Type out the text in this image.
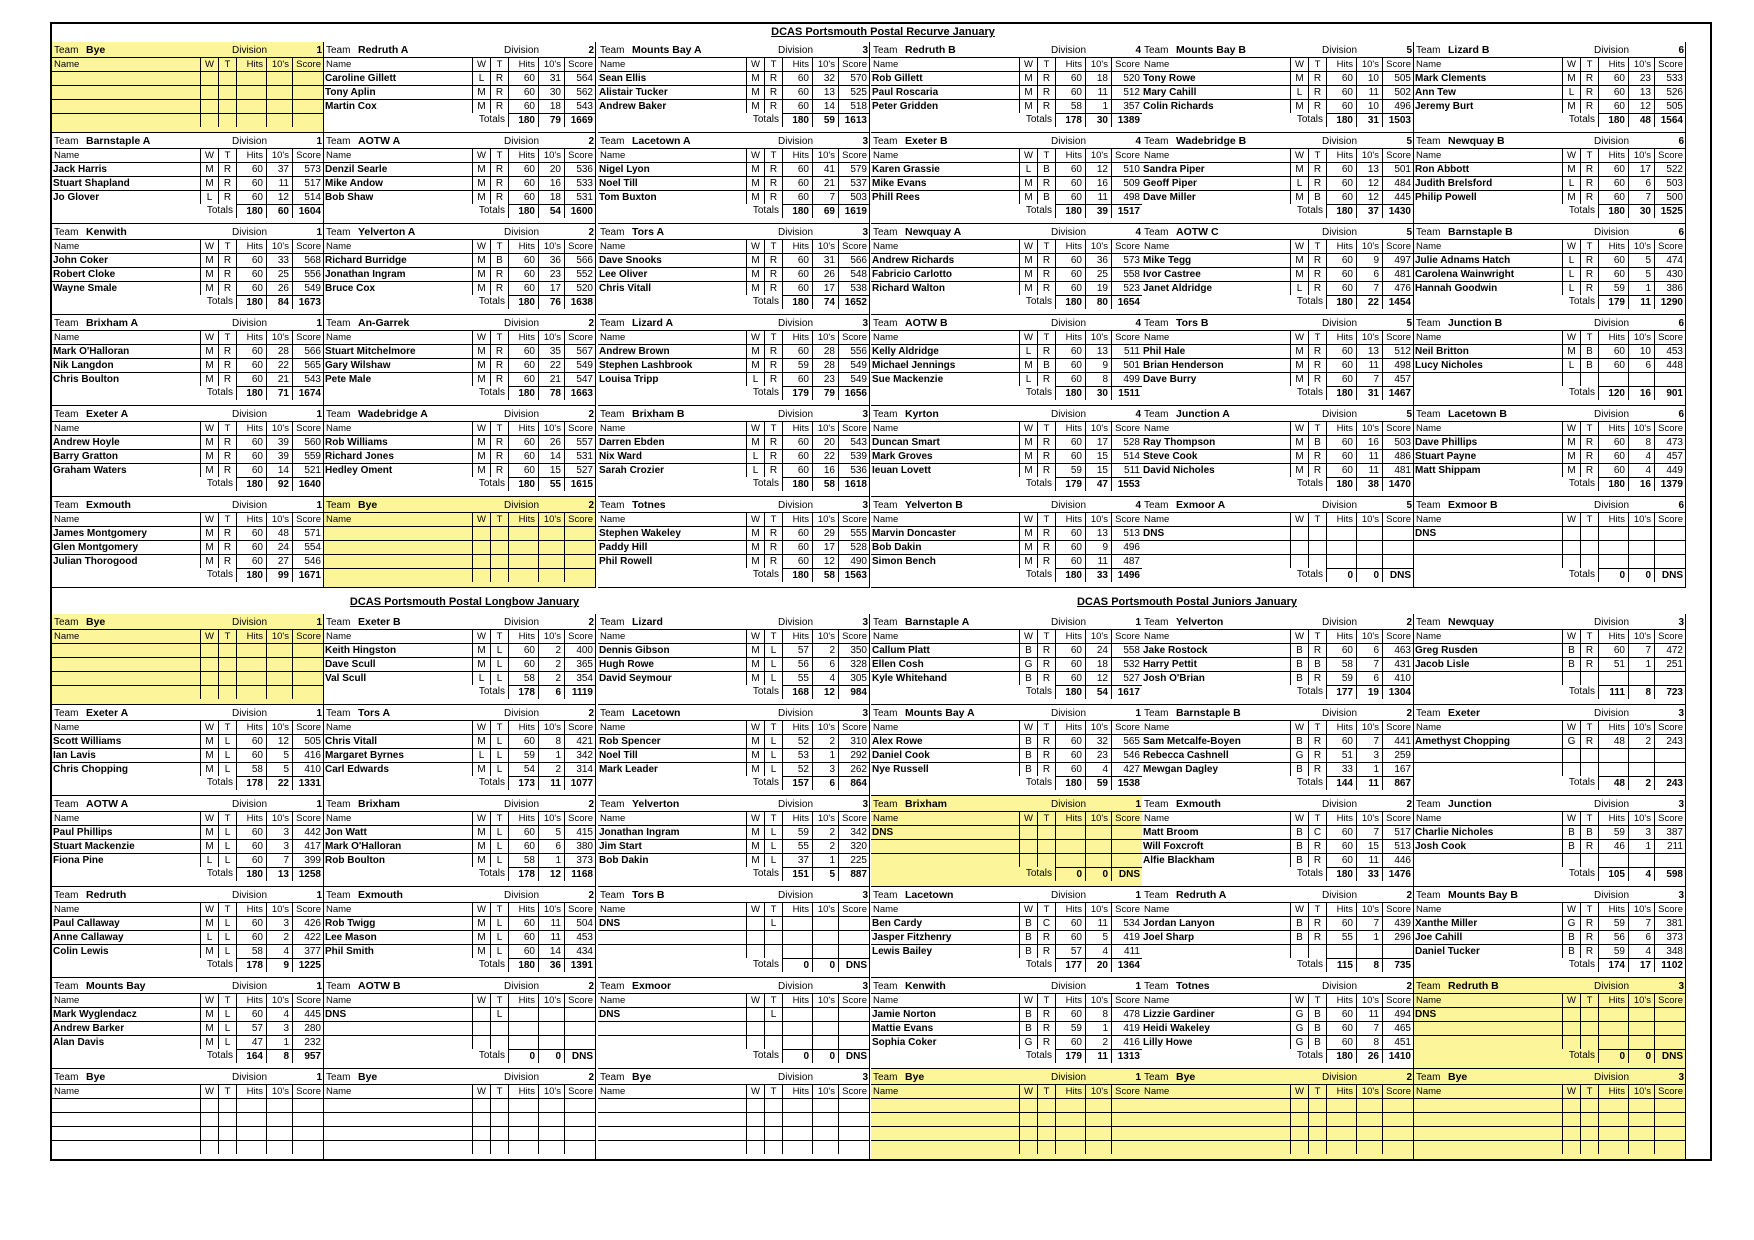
DCAS Portsmouth Postal Recurve January
DCAS Portsmouth Postal Longbow January	DCAS Portsmouth Postal Juniors January
Team Bye	Division	1
Name	W	T	Hits 10's Score
Team Redruth A	Division	2
Name	W	T	Hits 10's Score
Caroline Gillett	L	R	60	31	564
Tony Aplin	M	R	60	30	562
Martin Cox	M	R	60	18	543
Totals	180	79 1669
Team Mounts Bay A	Division	3
Name	W	T	Hits 10's Score
Sean Ellis	M	R	60	32	570
Alistair Tucker	M	R	60	13	525
Andrew Baker	M	R	60	14	518
Totals	180	59 1613
Team Redruth B	Division	4
Name	W	T	Hits 10's Score
Rob Gillett	M	R	60	18	520
Paul Roscaria	M	R	60	11	512
Peter Gridden	M	R	58	1	357
Totals	178	30 1389
Team Mounts Bay B	Division	5
Name	W	T	Hits 10's Score
Tony Rowe	M	R	60	10	505
Mary Cahill	L	R	60	11	502
Colin Richards	M	R	60	10	496
Totals	180	31 1503
Team Lizard B	Division	6
Name	W	T	Hits 10's Score
Mark Clements	M	R	60	23	533
Ann Tew	L	R	60	13	526
Jeremy Burt	M	R	60	12	505
Totals	180	48 1564
Team Barnstaple A	Division	1
Name	W	T	Hits 10's Score
Jack Harris	M	R	60	37	573
Stuart Shapland	M	R	60	11	517
Jo Glover	L	R	60	12	514
Totals	180	60 1604
Team AOTW A	Division	2
Name	W	T	Hits 10's Score
Denzil Searle	M	R	60	20	536
Mike Andow	M	R	60	16	533
Bob Shaw	M	R	60	18	531
Totals	180	54 1600
Team Lacetown A	Division	3
Name	W	T	Hits 10's Score
Nigel Lyon	M	R	60	41	579
Noel Till	M	R	60	21	537
Tom Buxton	M	R	60	7	503
Totals	180	69 1619
Team Exeter B	Division	4
Name	W	T	Hits 10's Score
Karen Grassie	L	B	60	12	510
Mike Evans	M	R	60	16	509
Phill Rees	M	B	60	11	498
Totals	180	39 1517
Team Wadebridge B	Division	5
Name	W	T	Hits 10's Score
Sandra Piper	M	R	60	13	501
Geoff Piper	L	R	60	12	484
Dave Miller	M	B	60	12	445
Totals	180	37 1430
Team Newquay B	Division	6
Name	W	T	Hits 10's Score
Ron Abbott	M	R	60	17	522
Judith Brelsford	L	R	60	6	503
Philip Powell	M	R	60	7	500
Totals	180	30 1525
Team Kenwith	Division	1
Name	W	T	Hits 10's Score
John Coker	M	R	60	33	568
Robert Cloke	M	R	60	25	556
Wayne Smale	M	R	60	26	549
Totals	180	84 1673
Team Yelverton A	Division	2
Name	W	T	Hits 10's Score
Richard Burridge	M	B	60	36	566
Jonathan Ingram	M	R	60	23	552
Bruce Cox	M	R	60	17	520
Totals	180	76 1638
Team Tors A	Division	3
Name	W	T	Hits 10's Score
Dave Snooks	M	R	60	31	566
Lee Oliver	M	R	60	26	548
Chris Vitall	M	R	60	17	538
Totals	180	74 1652
Team Newquay A	Division	4
Name	W	T	Hits 10's Score
Andrew Richards	M	R	60	36	573
Fabricio Carlotto	M	R	60	25	558
Richard Walton	M	R	60	19	523
Totals	180	80 1654
Team AOTW C	Division	5
Name	W	T	Hits 10's Score
Mike Tegg	M	R	60	9	497
Ivor Castree	M	R	60	6	481
Janet Aldridge	L	R	60	7	476
Totals	180	22 1454
Team Barnstaple B	Division	6
Name	W	T	Hits 10's Score
Julie Adnams Hatch	L	R	60	5	474
Carolena Wainwright	L	R	60	5	430
Hannah Goodwin	L	R	59	1	386
Totals	179	11 1290
Team Brixham A	Division	1
Name	W	T	Hits 10's Score
Mark O'Halloran	M	R	60	28	566
Nik Langdon	M	R	60	22	565
Chris Boulton	M	R	60	21	543
Totals	180	71 1674
Team An-Garrek	Division	2
Name	W	T	Hits 10's Score
Stuart Mitchelmore	M	R	60	35	567
Gary Wilshaw	M	R	60	22	549
Pete Male	M	R	60	21	547
Totals	180	78 1663
Team Lizard A	Division	3
Name	W	T	Hits 10's Score
Andrew Brown	M	R	60	28	556
Stephen Lashbrook	M	R	59	28	549
Louisa Tripp	L	R	60	23	549
Totals	179	79 1656
Team AOTW B	Division	4
Name	W	T	Hits 10's Score
Kelly Aldridge	L	R	60	13	511
Michael Jennings	M	B	60	9	501
Sue Mackenzie	L	R	60	8	499
Totals	180	30	1511
Team Tors B	Division	5
Name	W	T	Hits 10's Score
Phil Hale	M	R	60	13	512
Brian Henderson	M	R	60	11	498
Dave Burry	M	R	60	7	457
Totals	180	31 1467
Team Junction B	Division	6
Name	W	T	Hits 10's Score
Neil Britton	M	B	60	10	453
Lucy Nicholes	L	B	60	6	448
Totals	120	16	901
Team Exeter A	Division	1
Name	W	T	Hits 10's Score
Andrew Hoyle	M	R	60	39	560
Barry Gratton	M	R	60	39	559
Graham Waters	M	R	60	14	521
Totals	180	92 1640
Team Wadebridge A	Division	2
Name	W	T	Hits 10's Score
Rob Williams	M	R	60	26	557
Richard Jones	M	R	60	14	531
Hedley Oment	M	R	60	15	527
Totals	180	55 1615
Team Brixham B	Division	3
Name	W	T	Hits 10's Score
Darren Ebden	M	R	60	20	543
Nix Ward	L	R	60	22	539
Sarah Crozier	L	R	60	16	536
Totals	180	58 1618
Team Kyrton	Division	4
Name	W	T	Hits 10's Score
Duncan Smart	M	R	60	17	528
Mark Groves	M	R	60	15	514
Ieuan Lovett	M	R	59	15	511
Totals	179	47 1553
Team Junction A	Division	5
Name	W	T	Hits 10's Score
Ray Thompson	M	B	60	16	503
Steve Cook	M	R	60	11	486
David Nicholes	M	R	60	11	481
Totals	180	38 1470
Team Lacetown B	Division	6
Name	W	T	Hits 10's Score
Dave Phillips	M	R	60	8	473
Stuart Payne	M	R	60	4	457
Matt Shippam	M	R	60	4	449
Totals	180	16 1379
Team Exmouth	Division	1
Name	W	T	Hits 10's Score
James Montgomery	M	R	60	48	571
Glen Montgomery	M	R	60	24	554
Julian Thorogood	M	R	60	27	546
Totals	180	99 1671
Team Bye	Division	2
Name	W	T	Hits 10's Score
Team Totnes	Division	3
Name	W	T	Hits 10's Score
Stephen Wakeley	M	R	60	29	555
Paddy Hill	M	R	60	17	528
Phil Rowell	M	R	60	12	490
Totals	180	58 1563
Team Yelverton B	Division	4
Name	W	T	Hits 10's Score
Marvin Doncaster	M	R	60	13	513
Bob Dakin	M	R	60	9	496
Simon Bench	M	R	60	11	487
Totals	180	33 1496
Team Exmoor A	Division	5
Name	W	T	Hits 10's Score
DNS
Totals	0	0	DNS
Team Exmoor B	Division	6
Name	W	T	Hits 10's Score
DNS
Totals	0	0	DNS
Team Bye	Division	1
Name	W	T	Hits 10's Score
Team Exeter B	Division	2
Name	W	T	Hits 10's Score
Keith Hingston	M	L	60	2	400
Dave Scull	M	L	60	2	365
Val Scull	L	L	58	2	354
Totals	178	6	1119
Team Lizard	Division	3
Name	W	T	Hits 10's Score
Dennis Gibson	M	L	57	2	350
Hugh Rowe	M	L	56	6	328
David Seymour	M	L	55	4	305
Totals	168	12	984
Team Exeter A	Division	1
Name	W	T	Hits 10's Score
Scott Williams	M	L	60	12	505
Ian Lavis	M	L	60	5	416
Chris Chopping	M	L	58	5	410
Totals	178	22 1331
Team Tors A	Division	2
Name	W	T	Hits 10's Score
Chris Vitall	M	L	60	8	421
Margaret Byrnes	L	L	59	1	342
Carl Edwards	M	L	54	2	314
Totals	173	11 1077
Team Lacetown	Division	3
Name	W	T	Hits 10's Score
Rob Spencer	M	L	52	2	310
Noel Till	M	L	53	1	292
Mark Leader	M	L	52	3	262
Totals	157	6	864
Team AOTW A	Division	1
Name	W	T	Hits 10's Score
Paul Phillips	M	L	60	3	442
Stuart Mackenzie	M	L	60	3	417
Fiona Pine	L	L	60	7	399
Totals	180	13 1258
Team Brixham	Division	2
Name	W	T	Hits 10's Score
Jon Watt	M	L	60	5	415
Mark O'Halloran	M	L	60	6	380
Rob Boulton	M	L	58	1	373
Totals	178	12	1168
Team Yelverton	Division	3
Name	W	T	Hits 10's Score
Jonathan Ingram	M	L	59	2	342
Jim Start	M	L	55	2	320
Bob Dakin	M	L	37	1	225
Totals	151	5	887
Team Redruth	Division	1
Name	W	T	Hits 10's Score
Paul Callaway	M	L	60	3	426
Anne Callaway	L	L	60	2	422
Colin Lewis	M	L	58	4	377
Totals	178	9 1225
Team Exmouth	Division	2
Name	W	T	Hits 10's Score
Rob Twigg	M	L	60	11	504
Lee Mason	M	L	60	11	453
Phil Smith	M	L	60	14	434
Totals	180	36 1391
Team Tors B	Division	3
Name	W	T	Hits 10's Score
DNS	L
Totals	0	0	DNS
Team Mounts Bay	Division	1
Name	W	T	Hits 10's Score
Mark Wyglendacz	M	L	60	4	445
Andrew Barker	M	L	57	3	280
Alan Davis	M	L	47	1	232
Totals	164	8	957
Team AOTW B	Division	2
Name	W	T	Hits 10's Score
DNS	L
Totals	0	0	DNS
Team Exmoor	Division	3
Name	W	T	Hits 10's Score
DNS	L
Totals	0	0	DNS
Team Bye	Division	1
Name	W	T	Hits 10's Score
Team Bye	Division	2
Name	W	T	Hits 10's Score
Team Bye	Division	3
Name	W	T	Hits 10's Score
Team Barnstaple A	Division	1
Name	W	T	Hits 10's Score
Callum Platt	B	R	60	24	558
Ellen Cosh	G	R	60	18	532
Kyle Whitehand	B	R	60	12	527
Totals	180	54 1617
Team Yelverton	Division	2
Name	W	T	Hits 10's Score
Jake Rostock	B	R	60	6	463
Harry Pettit	B	B	58	7	431
Josh O'Brian	B	R	59	6	410
Totals	177	19 1304
Team Newquay	Division	3
Name	W	T	Hits 10's Score
Greg Rusden	B	R	60	7	472
Jacob Lisle	B	R	51	1	251
Totals	111	8	723
Team Mounts Bay A	Division	1
Name	W	T	Hits 10's Score
Alex Rowe	B	R	60	32	565
Daniel Cook	B	R	60	23	546
Nye Russell	B	R	60	4	427
Totals	180	59 1538
Team Barnstaple B	Division	2
Name	W	T	Hits 10's Score
Sam Metcalfe-Boyen	B	R	60	7	441
Rebecca Cashnell	G	R	51	3	259
Mewgan Dagley	B	R	33	1	167
Totals	144	11	867
Team Exeter	Division	3
Name	W	T	Hits 10's Score
Amethyst Chopping	G	R	48	2	243
Totals	48	2	243
Team Brixham	Division	1
Name	W	T	Hits 10's Score
DNS
Totals	0	0	DNS
Team Exmouth	Division	2
Name	W	T	Hits 10's Score
Matt Broom	B	C	60	7	517
Will Foxcroft	B	R	60	15	513
Alfie Blackham	B	R	60	11	446
Totals	180	33 1476
Team Junction	Division	3
Name	W	T	Hits 10's Score
Charlie Nicholes	B	B	59	3	387
Josh Cook	B	R	46	1	211
Totals	105	4	598
Team Lacetown	Division	1
Name	W	T	Hits 10's Score
Ben Cardy	B	C	60	11	534
Jasper Fitzhenry	B	R	60	5	419
Lewis Bailey	B	R	57	4	411
Totals	177	20 1364
Team Redruth A	Division	2
Name	W	T	Hits 10's Score
Jordan Lanyon	B	R	60	7	439
Joel Sharp	B	R	55	1	296
Totals	115	8	735
Team Mounts Bay B	Division	3
Name	W	T	Hits 10's Score
Xanthe Miller	G	R	59	7	381
Joe Cahill	B	R	56	6	373
Daniel Tucker	B	R	59	4	348
Totals	174	17	1102
Team Kenwith	Division	1
Name	W	T	Hits 10's Score
Jamie Norton	B	R	60	8	478
Mattie Evans	B	R	59	1	419
Sophia Coker	G	R	60	2	416
Totals	179	11 1313
Team Totnes	Division	2
Name	W	T	Hits 10's Score
Lizzie Gardiner	G	B	60	11	494
Heidi Wakeley	G	B	60	7	465
Lilly Howe	G	B	60	8	451
Totals	180	26 1410
Team Redruth B	Division	3
Name	W	T	Hits 10's Score
DNS
Totals	0	0	DNS
Team Bye	Division	1
Name	W	T	Hits 10's Score
Team Bye	Division	2
Name	W	T	Hits 10's Score
Team Bye	Division	3
Name	W	T	Hits 10's Score
